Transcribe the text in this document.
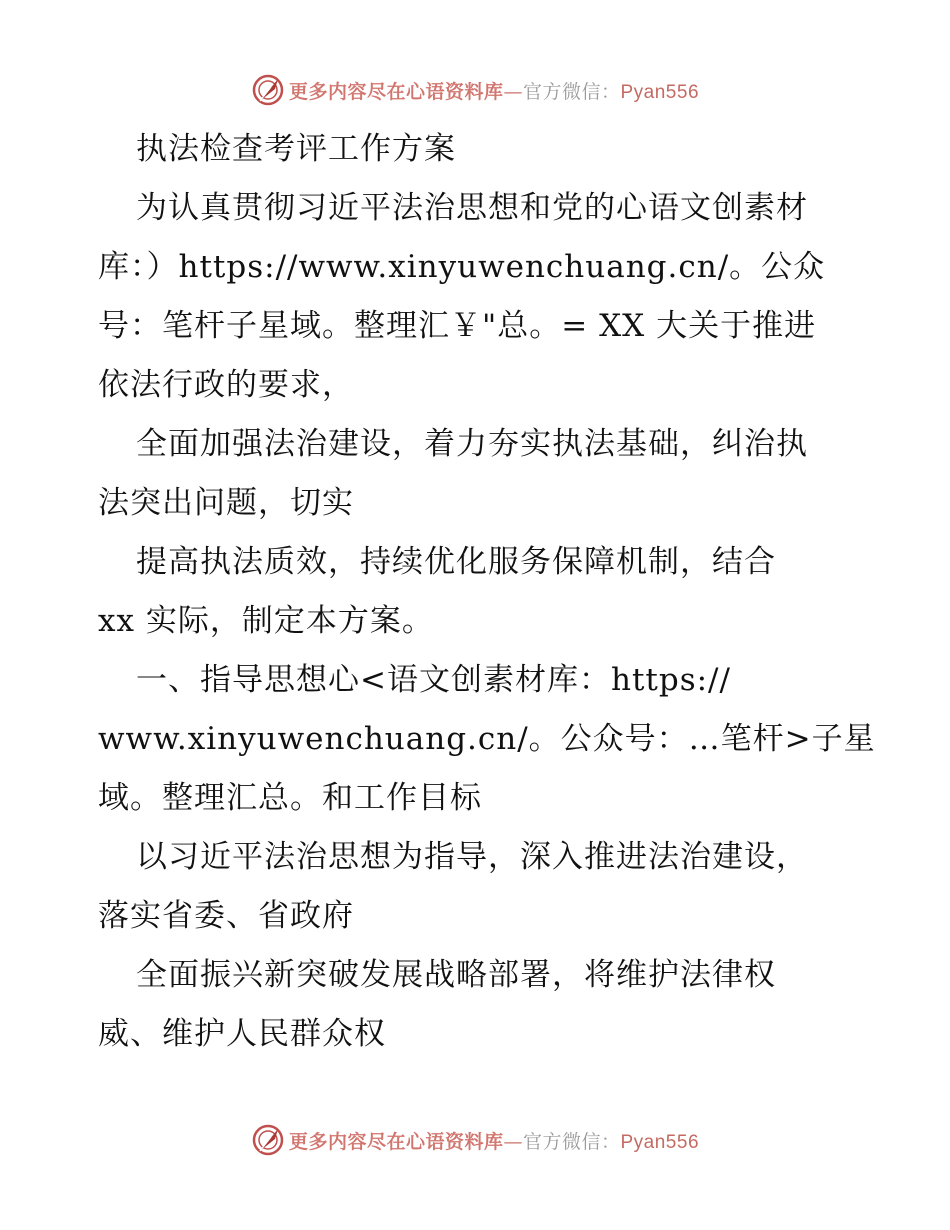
更多内容尽在心语资料库—官方微信：Pyan556
执法检查考评工作方案
为认真贯彻习近平法治思想和党的心语文创素材
库：）https://www.xinyuwenchuang.cn/。公众
号：笔杆子星域。整理汇￥"总。= XX 大关于推进
依法行政的要求，
全面加强法治建设，着力夯实执法基础，纠治执
法突出问题，切实
提高执法质效，持续优化服务保障机制，结合
xx 实际，制定本方案。
一、指导思想心<语文创素材库：https://
www.xinyuwenchuang.cn/。公众号：…笔杆>子星
域。整理汇总。和工作目标
以习近平法治思想为指导，深入推进法治建设，
落实省委、省政府
全面振兴新突破发展战略部署，将维护法律权
威、维护人民群众权
更多内容尽在心语资料库—官方微信：Pyan556
